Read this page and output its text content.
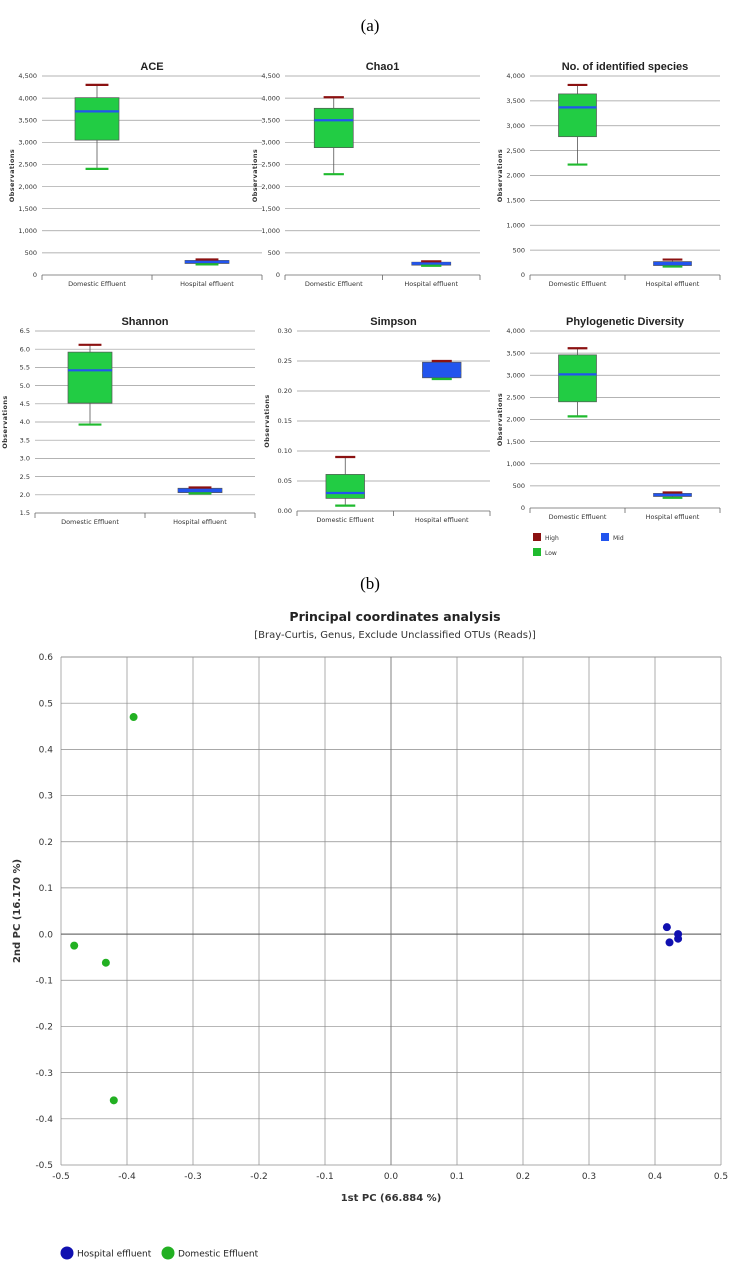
(a)
ACE
0
500
1,000
1,500
2,000
2,500
3,000
3,500
4,000
4,500
Observations
Domestic Effluent	Hospital effluent
Chao1
0
500
1,000
1,500
2,000
2,500
3,000
3,500
4,000
4,500
Observations
Domestic Effluent	Hospital effluent
No. of identified species
0
500
1,000
1,500
2,000
2,500
3,000
3,500
4,000
Observations
Domestic Effluent	Hospital effluent
Shannon
1.5
2.0
2.5
3.0
3.5
4.0
4.5
5.0
5.5
6.0
6.5
Observations
Domestic Effluent	Hospital effluent
Simpson
0.00
0.05
0.10
0.15
0.20
0.25
0.30
Observations
Domestic Effluent	Hospital effluent
Phylogenetic Diversity
0
500
1,000
1,500
2,000
2,500
3,000
3,500
4,000
Observations
Domestic Effluent	Hospital effluent
High	Mid
Low
(b)
Principal coordinates analysis
[Bray-Curtis, Genus, Exclude Unclassified OTUs (Reads)]
-0.5	-0.4	-0.3	-0.2	-0.1	0.0	0.1	0.2	0.3	0.4	0.5
-0.5
-0.4
-0.3
-0.2
-0.1
0.0
0.1
0.2
0.3
0.4
0.5
0.6
1st PC (66.884 %)
2nd PC (16.170 %)
Hospital effluent	Domestic Effluent
